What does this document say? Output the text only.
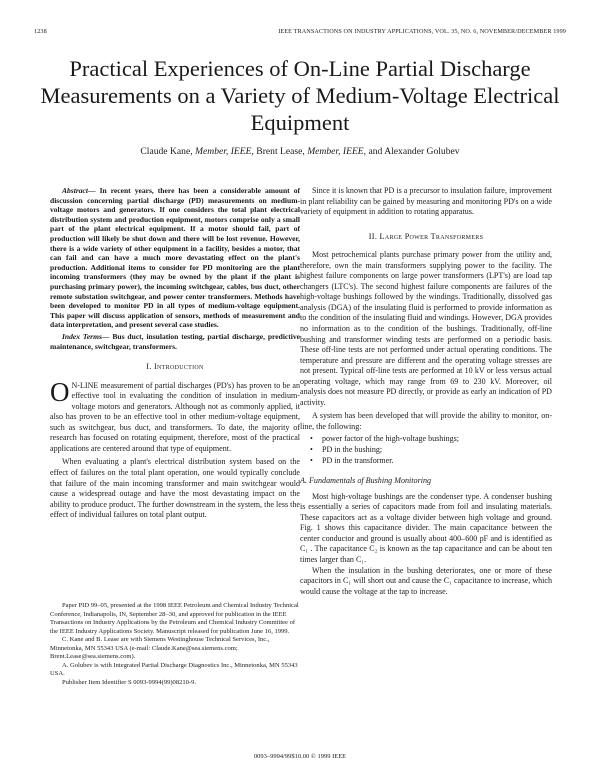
1238	IEEE TRANSACTIONS ON INDUSTRY APPLICATIONS, VOL. 35, NO. 6, NOVEMBER/DECEMBER 1999
Practical Experiences of On-Line Partial Discharge Measurements on a Variety of Medium-Voltage Electrical Equipment
Claude Kane, Member, IEEE, Brent Lease, Member, IEEE, and Alexander Golubev

Abstract— In recent years, there has been a considerable amount of discussion concerning partial discharge (PD) measurements on medium-voltage motors and generators. If one considers the total plant electrical distribution system and production equipment, motors comprise only a small part of the plant electrical equipment. If a motor should fail, part of production will likely be shut down and there will be lost revenue. However, there is a wide variety of other equipment in a facility, besides a motor, that can fail and can have a much more devastating effect on the plant's production. Additional items to consider for PD monitoring are the plant incoming transformers (they may be owned by the plant if the plant is purchasing primary power), the incoming switchgear, cables, bus duct, other remote substation switchgear, and power center transformers. Methods have been developed to monitor PD in all types of medium-voltage equipment. This paper will discuss application of sensors, methods of measurement and data interpretation, and present several case studies.

Index Terms— Bus duct, insulation testing, partial discharge, predictive maintenance, switchgear, transformers.

I. Introduction

O N-LINE measurement of partial discharges (PD's) has proven to be an effective tool in evaluating the condition of insulation in medium-voltage motors and generators. Although not as commonly applied, it also has proven to be an effective tool in other medium-voltage equipment, such as switchgear, bus duct, and transformers. To date, the majority of research has focused on rotating equipment, therefore, most of the practical applications are centered around that type of equipment.

When evaluating a plant's electrical distribution system based on the effect of failures on the total plant operation, one would typically conclude that failure of the main incoming transformer and main switchgear would cause a widespread outage and have the most devastating impact on the ability to produce product. The further downstream in the system, the less the effect of individual failures on total plant output.

Paper PID 99–05, presented at the 1998 IEEE Petroleum and Chemical Industry Technical Conference, Indianapolis, IN, September 28–30, and approved for publication in the IEEE Transactions on Industry Applications by the Petroleum and Chemical Industry Committee of the IEEE Industry Applications Society. Manuscript released for publication June 16, 1999.

C. Kane and B. Lease are with Siemens Westinghouse Technical Services, Inc., Minnetonka, MN 55343 USA (e-mail: Claude.Kane@sea.siemens.com; Brent.Lease@sea.siemens.com).

A. Golubev is with Integrated Partial Discharge Diagnostics Inc., Minnetonka, MN 55343 USA.

Publisher Item Identifier S 0093-9994(99)08210-9.

Since it is known that PD is a precursor to insulation failure, improvement in plant reliability can be gained by measuring and monitoring PD's on a wide variety of equipment in addition to rotating apparatus.

II. Large Power Transformers

Most petrochemical plants purchase primary power from the utility and, therefore, own the main transformers supplying power to the facility. The highest failure components on large power transformers (LPT's) are load tap changers (LTC's). The second highest failure components are failures of the high-voltage bushings followed by the windings. Traditionally, dissolved gas analysis (DGA) of the insulating fluid is performed to provide information as to the condition of the insulating fluid and windings. However, DGA provides no information as to the condition of the bushings. Traditionally, off-line bushing and transformer winding tests are performed on a periodic basis. These off-line tests are not performed under actual operating conditions. The temperature and pressure are different and the operating voltage stresses are not present. Typical off-line tests are performed at 10 kV or less versus actual operating voltage, which may range from 69 to 230 kV. Moreover, oil analysis does not measure PD directly, or provide as early an indication of PD activity.

A system has been developed that will provide the ability to monitor, on-line, the following:

• power factor of the high-voltage bushings;
• PD in the bushing;
• PD in the transformer.
A. Fundamentals of Bushing Monitoring

Most high-voltage bushings are the condenser type. A condenser bushing is essentially a series of capacitors made from foil and insulating materials. These capacitors act as a voltage divider between high voltage and ground. Fig. 1 shows this capacitance divider. The main capacitance between the center conductor and ground is usually about 400–600 pF and is identified as C₁ . The capacitance C₂ is known as the tap capacitance and can be about ten times larger than C₁.

When the insulation in the bushing deteriorates, one or more of these capacitors in C₁ will short out and cause the C₁ capacitance to increase, which would cause the voltage at the tap to increase.

0093–9994/99$10.00 © 1999 IEEE
